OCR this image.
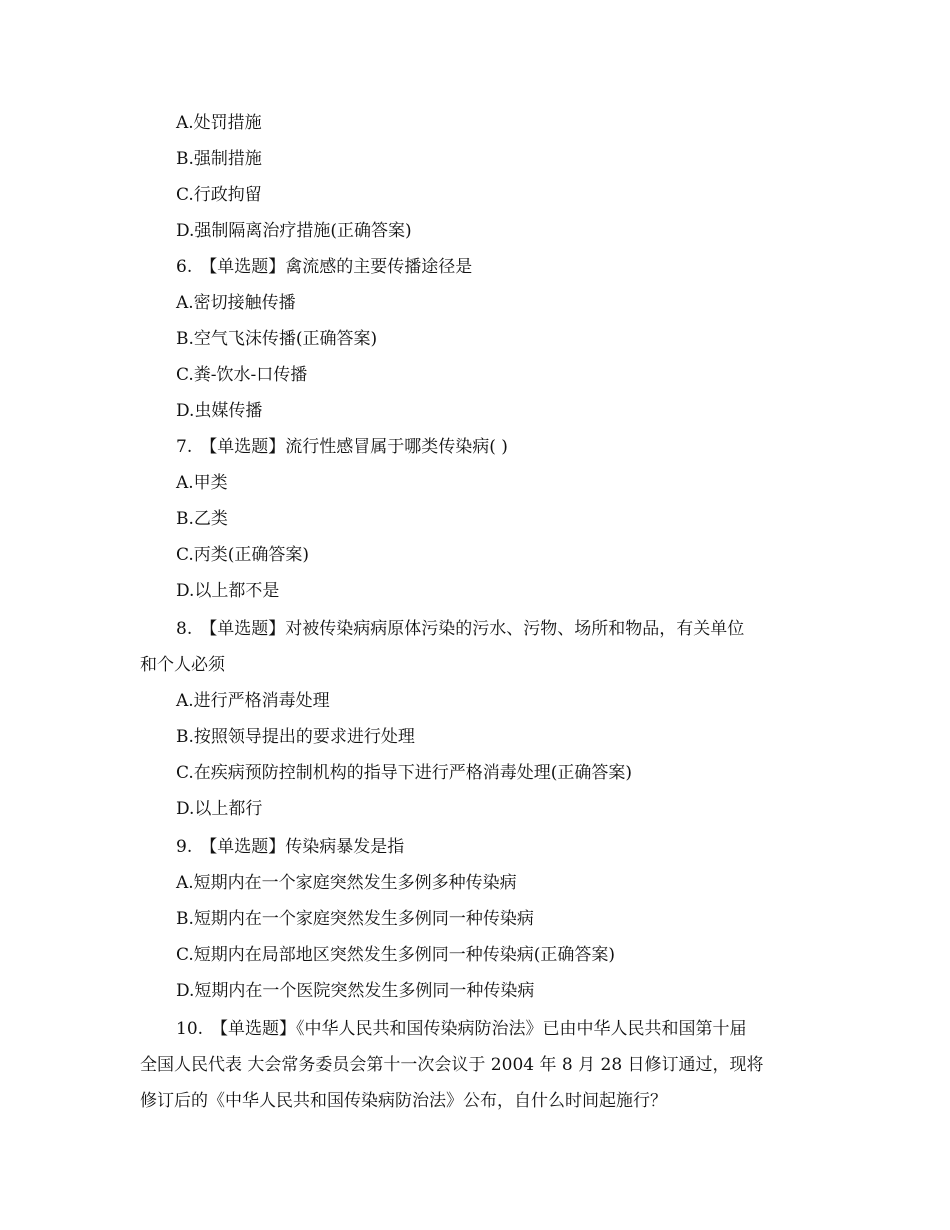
A.处罚措施
B.强制措施
C.行政拘留
D.强制隔离治疗措施(正确答案)
6. 【单选题】禽流感的主要传播途径是
A.密切接触传播
B.空气飞沫传播(正确答案)
C.粪-饮水-口传播
D.虫媒传播
7. 【单选题】流行性感冒属于哪类传染病( )
A.甲类
B.乙类
C.丙类(正确答案)
D.以上都不是
8. 【单选题】对被传染病病原体污染的污水、污物、场所和物品，有关单位
和个人必须
A.进行严格消毒处理
B.按照领导提出的要求进行处理
C.在疾病预防控制机构的指导下进行严格消毒处理(正确答案)
D.以上都行
9. 【单选题】传染病暴发是指
A.短期内在一个家庭突然发生多例多种传染病
B.短期内在一个家庭突然发生多例同一种传染病
C.短期内在局部地区突然发生多例同一种传染病(正确答案)
D.短期内在一个医院突然发生多例同一种传染病
10. 【单选题】《中华人民共和国传染病防治法》已由中华人民共和国第十届
全国人民代表 大会常务委员会第十一次会议于 2004 年 8 月 28 日修订通过，现将
修订后的《中华人民共和国传染病防治法》公布，自什么时间起施行？
